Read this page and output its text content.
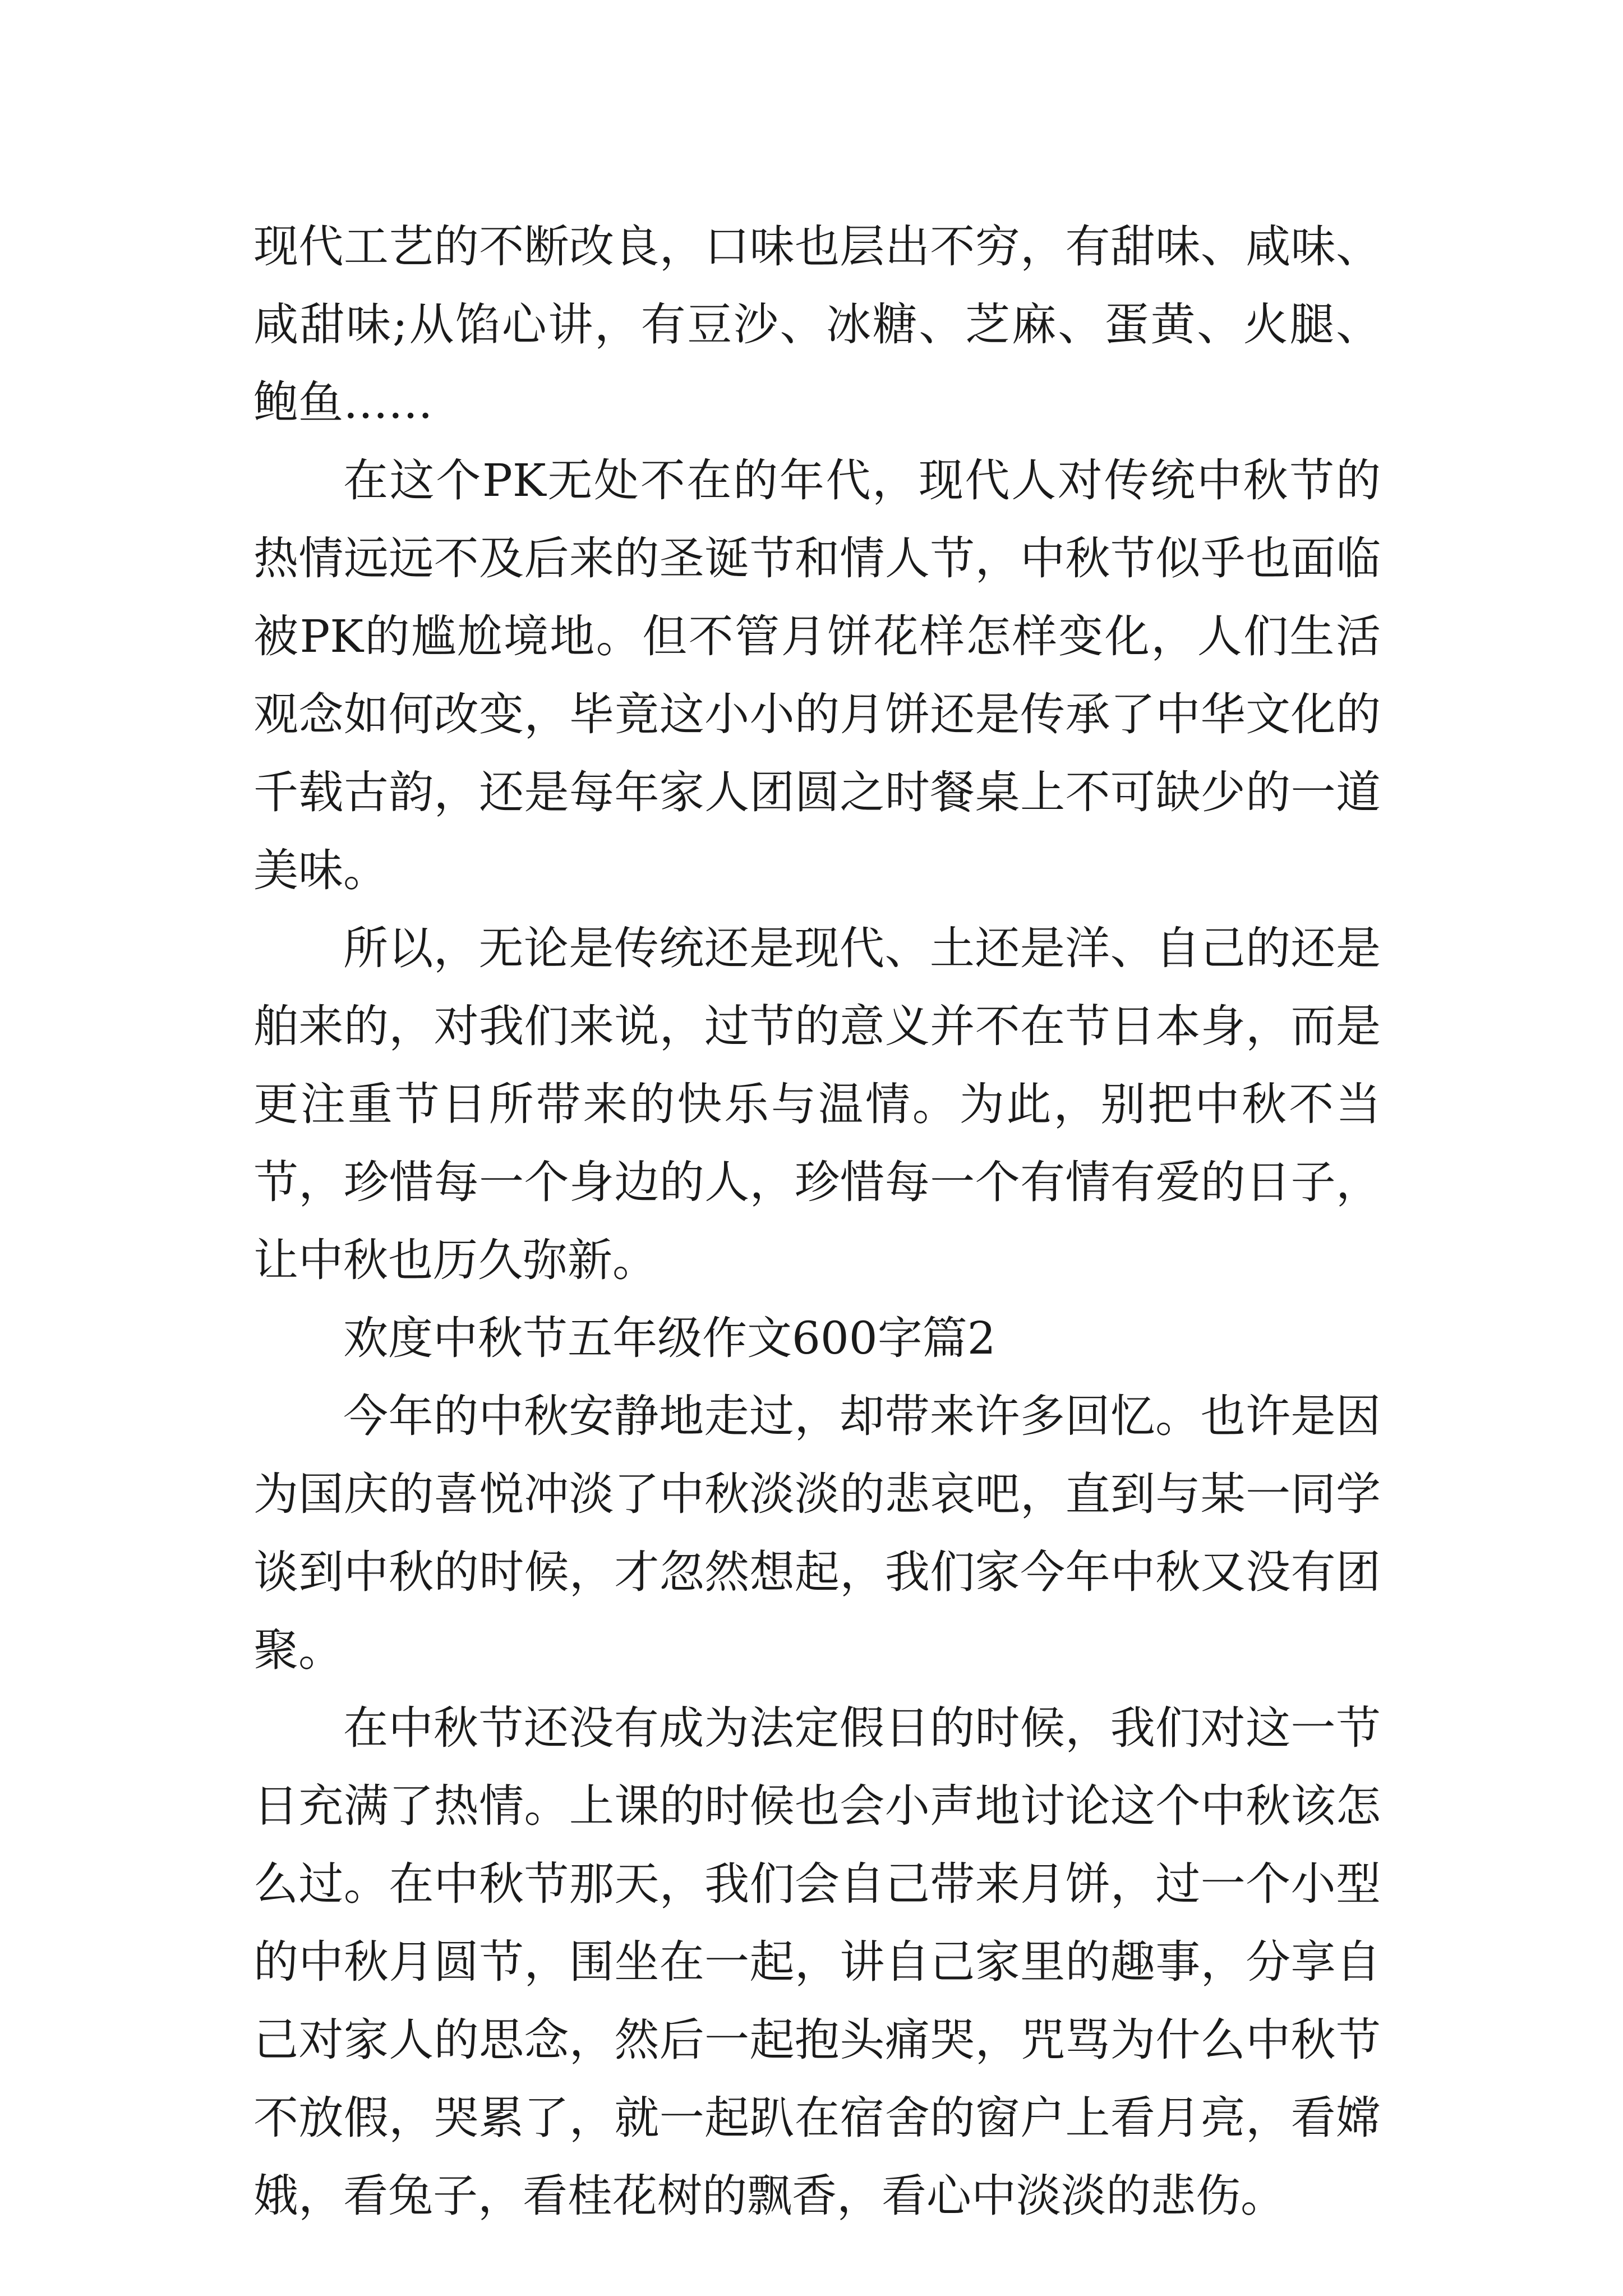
现代工艺的不断改良，口味也层出不穷，有甜味、咸味、咸甜味;从馅心讲，有豆沙、冰糖、芝麻、蛋黄、火腿、鲍鱼……

在这个PK无处不在的年代，现代人对传统中秋节的热情远远不及后来的圣诞节和情人节，中秋节似乎也面临被PK的尴尬境地。但不管月饼花样怎样变化，人们生活观念如何改变，毕竟这小小的月饼还是传承了中华文化的千载古韵，还是每年家人团圆之时餐桌上不可缺少的一道美味。

所以，无论是传统还是现代、土还是洋、自己的还是舶来的，对我们来说，过节的意义并不在节日本身，而是更注重节日所带来的快乐与温情。为此，别把中秋不当节，珍惜每一个身边的人，珍惜每一个有情有爱的日子，让中秋也历久弥新。

欢度中秋节五年级作文600字篇2

今年的中秋安静地走过，却带来许多回忆。也许是因为国庆的喜悦冲淡了中秋淡淡的悲哀吧，直到与某一同学谈到中秋的时候，才忽然想起，我们家今年中秋又没有团聚。

在中秋节还没有成为法定假日的时候，我们对这一节日充满了热情。上课的时候也会小声地讨论这个中秋该怎么过。在中秋节那天，我们会自己带来月饼，过一个小型的中秋月圆节，围坐在一起，讲自己家里的趣事，分享自己对家人的思念，然后一起抱头痛哭，咒骂为什么中秋节不放假，哭累了，就一起趴在宿舍的窗户上看月亮，看嫦娥，看兔子，看桂花树的飘香，看心中淡淡的悲伤。
